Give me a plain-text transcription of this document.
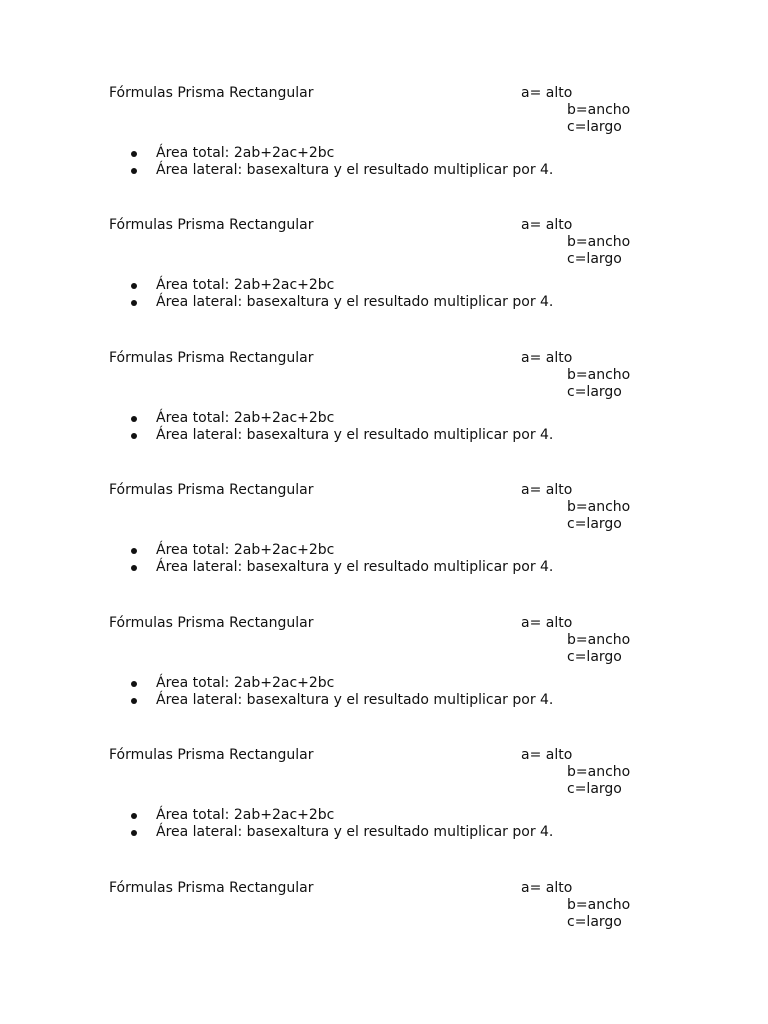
Fórmulas Prisma Rectangular	a= alto
b=ancho
c=largo
Área total: 2ab+2ac+2bc
Área lateral: basexaltura y el resultado multiplicar por 4.
Fórmulas Prisma Rectangular	a= alto
b=ancho
c=largo
Área total: 2ab+2ac+2bc
Área lateral: basexaltura y el resultado multiplicar por 4.
Fórmulas Prisma Rectangular	a= alto
b=ancho
c=largo
Área total: 2ab+2ac+2bc
Área lateral: basexaltura y el resultado multiplicar por 4.
Fórmulas Prisma Rectangular	a= alto
b=ancho
c=largo
Área total: 2ab+2ac+2bc
Área lateral: basexaltura y el resultado multiplicar por 4.
Fórmulas Prisma Rectangular	a= alto
b=ancho
c=largo
Área total: 2ab+2ac+2bc
Área lateral: basexaltura y el resultado multiplicar por 4.
Fórmulas Prisma Rectangular	a= alto
b=ancho
c=largo
Área total: 2ab+2ac+2bc
Área lateral: basexaltura y el resultado multiplicar por 4.
Fórmulas Prisma Rectangular	a= alto
b=ancho
c=largo
